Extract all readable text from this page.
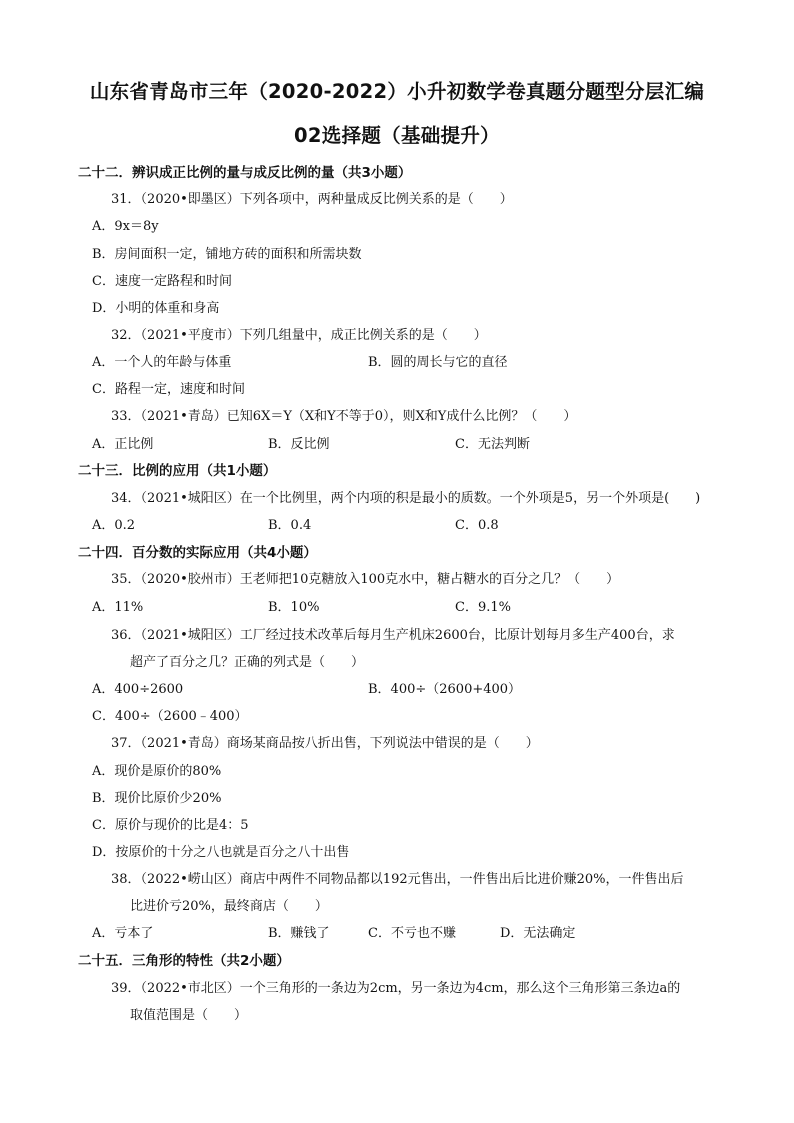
山东省青岛市三年（2020-2022）小升初数学卷真题分题型分层汇编
02选择题（基础提升）
二十二．辨识成正比例的量与成反比例的量（共3小题）
31．（2020•即墨区）下列各项中，两种量成反比例关系的是（　　）
A．9x＝8y
B．房间面积一定，铺地方砖的面积和所需块数
C．速度一定路程和时间
D．小明的体重和身高
32．（2021•平度市）下列几组量中，成正比例关系的是（　　）
A．一个人的年龄与体重	B．圆的周长与它的直径
C．路程一定，速度和时间
33．（2021•青岛）已知6X＝Y（X和Y不等于0），则X和Y成什么比例？（　　）
A．正比例	B．反比例	C．无法判断
二十三．比例的应用（共1小题）
34．（2021•城阳区）在一个比例里，两个内项的积是最小的质数。一个外项是5，另一个外项是(　　)
A．0.2	B．0.4	C．0.8
二十四．百分数的实际应用（共4小题）
35．（2020•胶州市）王老师把10克糖放入100克水中，糖占糖水的百分之几？（　　）
A．11%	B．10%	C．9.1%
36．（2021•城阳区）工厂经过技术改革后每月生产机床2600台，比原计划每月多生产400台，求
超产了百分之几？正确的列式是（　　）
A．400÷2600	B．400÷（2600+400）
C．400÷（2600﹣400）
37．（2021•青岛）商场某商品按八折出售，下列说法中错误的是（　　）
A．现价是原价的80%
B．现价比原价少20%
C．原价与现价的比是4：5
D．按原价的十分之八也就是百分之八十出售
38．（2022•崂山区）商店中两件不同物品都以192元售出，一件售出后比进价赚20%，一件售出后
比进价亏20%，最终商店（　　）
A．亏本了	B．赚钱了	C．不亏也不赚	D．无法确定
二十五．三角形的特性（共2小题）
39．（2022•市北区）一个三角形的一条边为2cm，另一条边为4cm，那么这个三角形第三条边a的
取值范围是（　　）
